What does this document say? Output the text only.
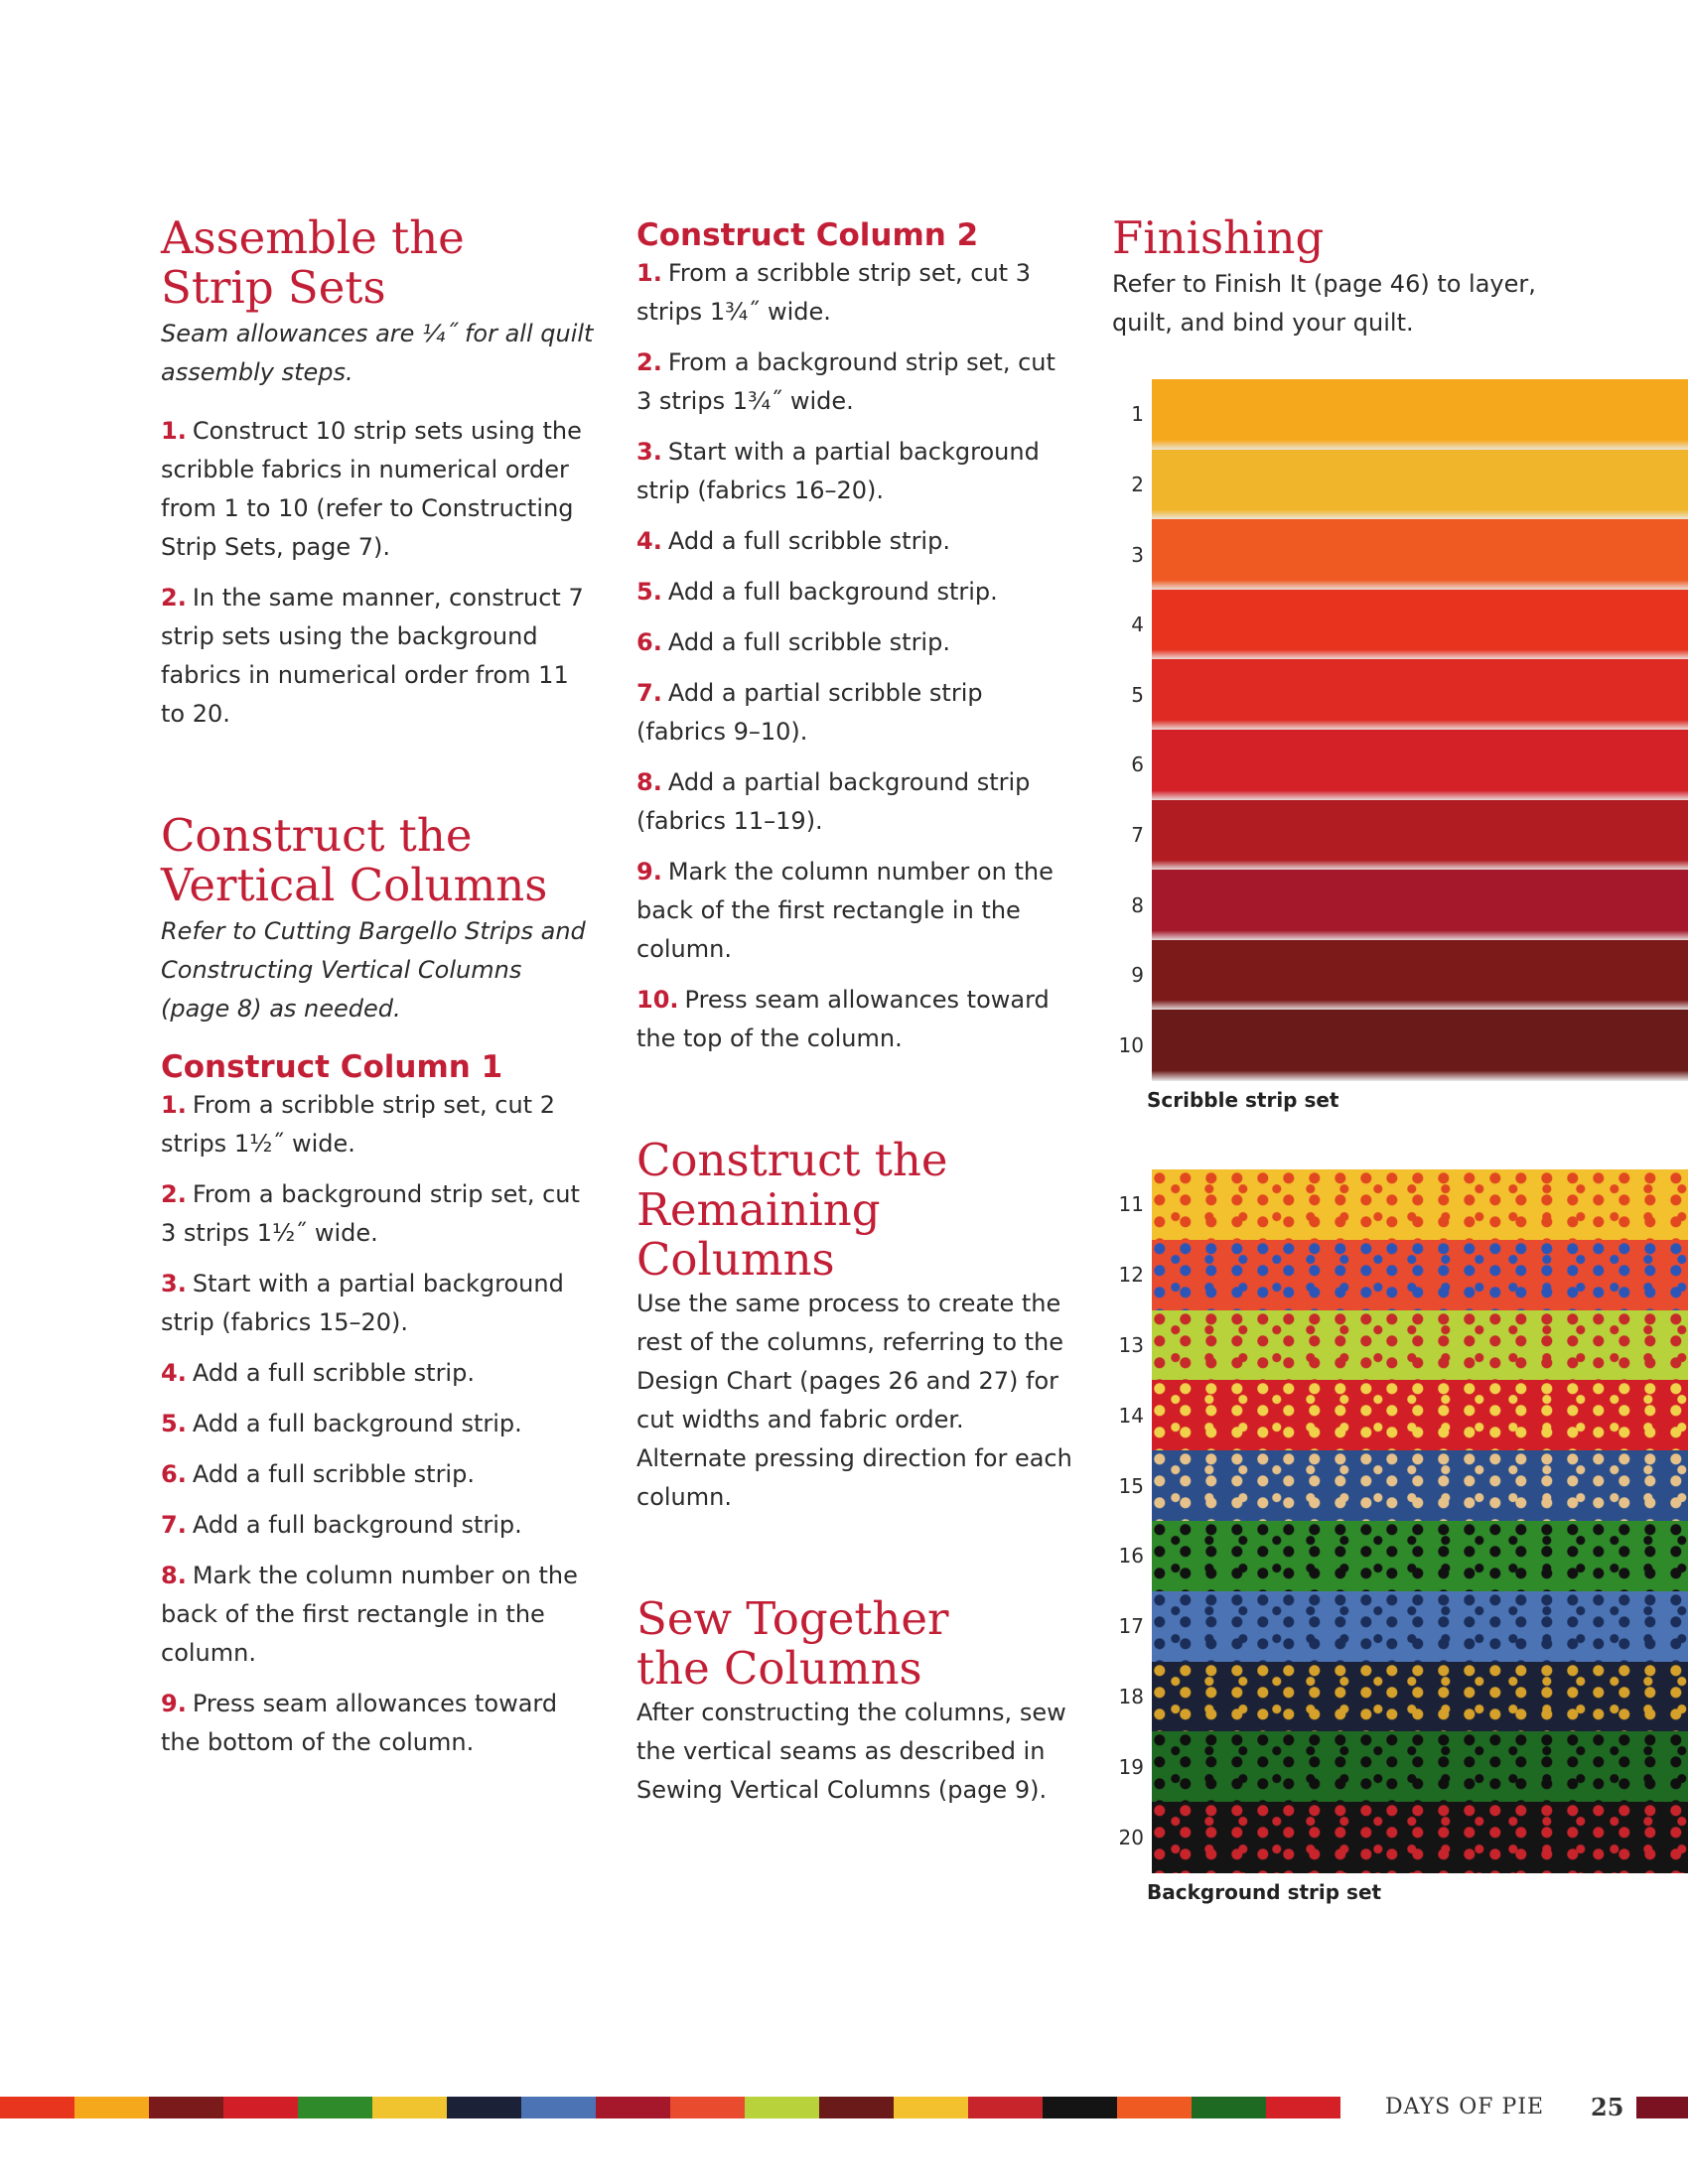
Assemble the
Strip Sets

Seam allowances are ¼˝ for all quilt assembly steps.

1. Construct 10 strip sets using the scribble fabrics in numerical order from 1 to 10 (refer to Constructing Strip Sets, page 7).
2. In the same manner, construct 7 strip sets using the background fabrics in numerical order from 11 to 20.
Construct the
Vertical Columns

Refer to Cutting Bargello Strips and Constructing Vertical Columns (page 8) as needed.

Construct Column 1
1. From a scribble strip set, cut 2 strips 1½˝ wide.
2. From a background strip set, cut 3 strips 1½˝ wide.
3. Start with a partial background strip (fabrics 15–20).
4. Add a full scribble strip.
5. Add a full background strip.
6. Add a full scribble strip.
7. Add a full background strip.
8. Mark the column number on the back of the first rectangle in the column.
9. Press seam allowances toward the bottom of the column.
Construct Column 2
1. From a scribble strip set, cut 3 strips 1¾˝ wide.
2. From a background strip set, cut 3 strips 1¾˝ wide.
3. Start with a partial background strip (fabrics 16–20).
4. Add a full scribble strip.
5. Add a full background strip.
6. Add a full scribble strip.
7. Add a partial scribble strip (fabrics 9–10).
8. Add a partial background strip (fabrics 11–19).
9. Mark the column number on the back of the first rectangle in the column.
10. Press seam allowances toward the top of the column.
Construct the
Remaining
Columns

Use the same process to create the rest of the columns, referring to the Design Chart (pages 26 and 27) for cut widths and fabric order. Alternate pressing direction for each column.

Sew Together
the Columns

After constructing the columns, sew the vertical seams as described in Sewing Vertical Columns (page 9).

Finishing

Refer to Finish It (page 46) to layer, quilt, and bind your quilt.

1
2
3
4
5
6
7
8
9
10
Scribble strip set
11
12
13
14
15
16
17
18
19
20
Background strip set
DAYS OF PIE 25
